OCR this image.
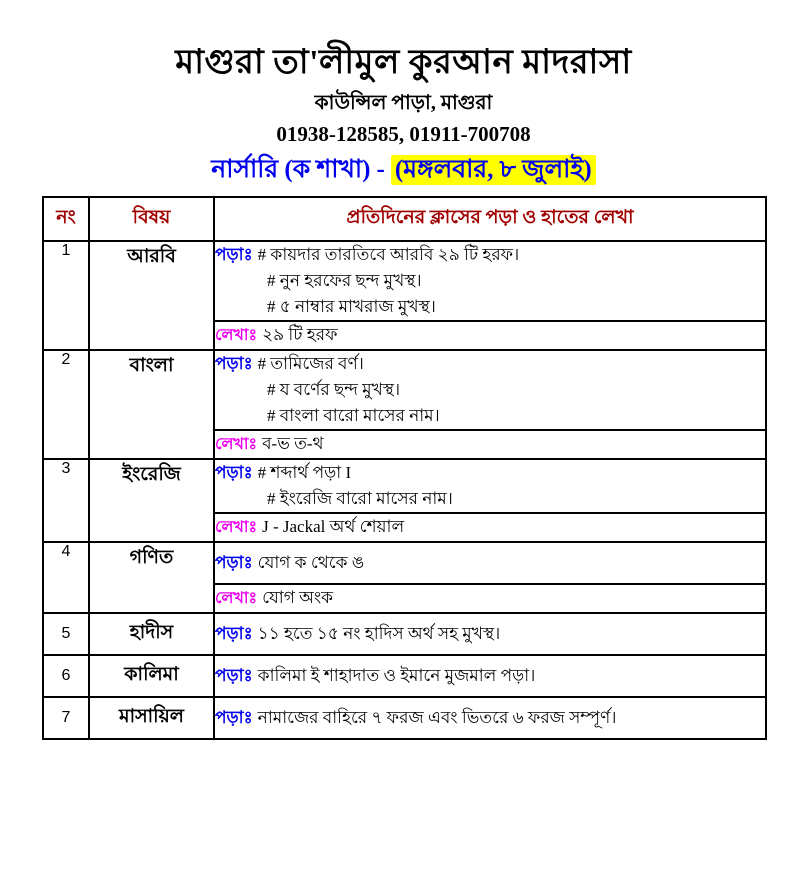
মাগুরা তা'লীমুল কুরআন মাদরাসা
কাউন্সিল পাড়া, মাগুরা
01938-128585, 01911-700708
নার্সারি (ক শাখা) - (মঙ্গলবার, ৮ জুলাই)
নং	বিষয়	প্রতিদিনের ক্লাসের পড়া ও হাতের লেখা
1	আরবি	পড়াঃ # কায়দার তারতিবে আরবি ২৯ টি হরফ।
# নুন হরফের ছন্দ মুখস্থ।
# ৫ নাম্বার মাখরাজ মুখস্থ।

		লেখাঃ ২৯ টি হরফ
2	বাংলা	পড়াঃ # তামিজের বর্ণ।
# য বর্ণের ছন্দ মুখস্থ।
# বাংলা বারো মাসের নাম।

		লেখাঃ ব-ভ ত-থ
3	ইংরেজি	পড়াঃ # শব্দার্থ পড়া I
# ইংরেজি বারো মাসের নাম।

		লেখাঃ J - Jackal অর্থ শেয়াল
4	গণিত	পড়াঃ যোগ ক থেকে ঙ

		লেখাঃ যোগ অংক
5	হাদীস	পড়াঃ ১১ হতে ১৫ নং হাদিস অর্থ সহ মুখস্থ।

6	কালিমা	পড়াঃ কালিমা ই শাহাদাত ও ইমানে মুজমাল পড়া।

7	মাসায়িল	পড়াঃ নামাজের বাহিরে ৭ ফরজ এবং ভিতরে ৬ ফরজ সম্পূর্ণ।
